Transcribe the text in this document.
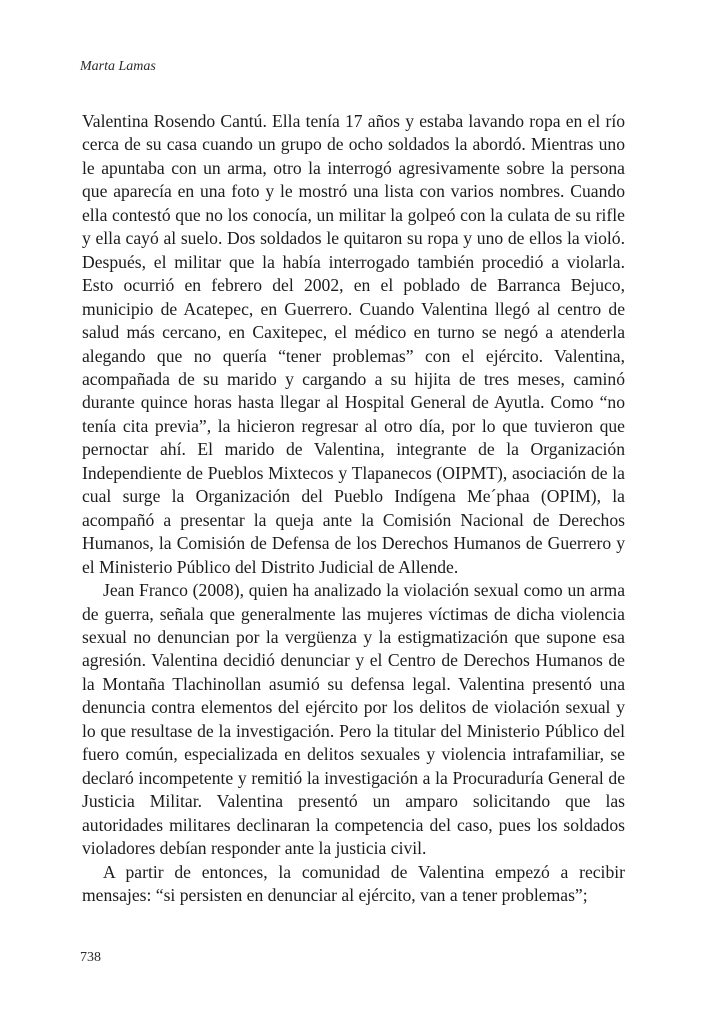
Marta Lamas

Valentina Rosendo Cantú. Ella tenía 17 años y estaba lavando ropa en el río cerca de su casa cuando un grupo de ocho soldados la abordó. Mientras uno le apuntaba con un arma, otro la interrogó agresivamente sobre la persona que aparecía en una foto y le mostró una lista con varios nombres. Cuando ella contestó que no los conocía, un militar la golpeó con la culata de su rifle y ella cayó al suelo. Dos soldados le quitaron su ropa y uno de ellos la violó. Después, el militar que la había interrogado también procedió a violarla. Esto ocurrió en febrero del 2002, en el poblado de Barranca Bejuco, municipio de Acatepec, en Guerrero. Cuando Valentina llegó al centro de salud más cercano, en Caxitepec, el médico en turno se negó a atenderla alegando que no quería “tener problemas” con el ejército. Valentina, acompañada de su marido y cargando a su hijita de tres meses, caminó durante quince horas hasta llegar al Hospital General de Ayutla. Como “no tenía cita previa”, la hicieron regresar al otro día, por lo que tuvieron que pernoctar ahí. El marido de Valentina, integrante de la Organización Independiente de Pueblos Mixtecos y Tlapanecos (OIPMT), asociación de la cual surge la Organización del Pueblo Indígena Me´phaa (OPIM), la acompañó a presentar la queja ante la Comisión Nacional de Derechos Humanos, la Comisión de Defensa de los Derechos Humanos de Guerrero y el Ministerio Público del Distrito Judicial de Allende.

Jean Franco (2008), quien ha analizado la violación sexual como un arma de guerra, señala que generalmente las mujeres víctimas de dicha violencia sexual no denuncian por la vergüenza y la estigmatización que supone esa agresión. Valentina decidió denunciar y el Centro de Derechos Humanos de la Montaña Tlachinollan asumió su defensa legal. Valentina presentó una denuncia contra elementos del ejército por los delitos de violación sexual y lo que resultase de la investigación. Pero la titular del Ministerio Público del fuero común, especializada en delitos sexuales y violencia intrafamiliar, se declaró incompetente y remitió la investigación a la Procuraduría General de Justicia Militar. Valentina presentó un amparo solicitando que las autoridades militares declinaran la competencia del caso, pues los soldados violadores debían responder ante la justicia civil.

A partir de entonces, la comunidad de Valentina empezó a recibir mensajes: “si persisten en denunciar al ejército, van a tener problemas”;

738
